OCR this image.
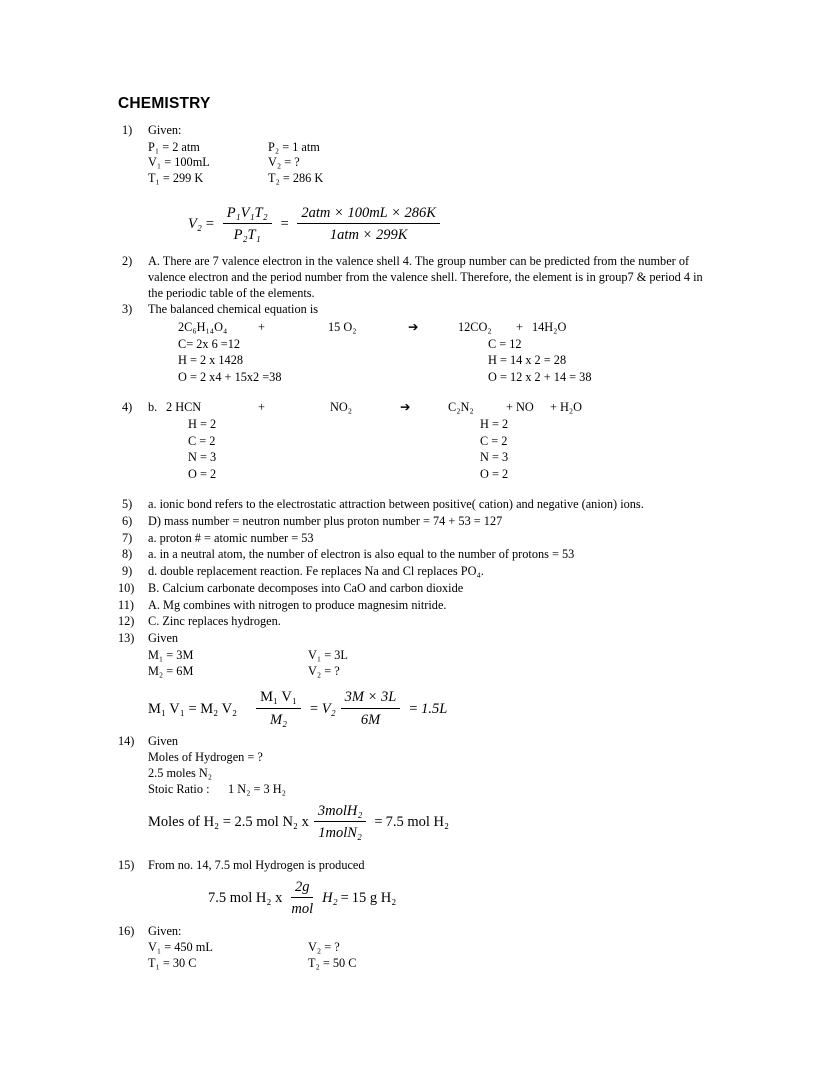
CHEMISTRY
1)	Given:
P₁ = 2 atm	P₂ = 1 atm
V₁ = 100mL	V₂ = ?
T₁ = 299 K	T₂ = 286 K
$V_2 = \frac{\text{P₁V₁T₂}}{\text{P₂T₁}} = \frac{\text{2atm × 100mL × 286K}}{\text{1atm × 299K}}$
2)	A. There are 7 valence electron in the valence shell 4. The group number can be predicted from the number of valence electron and the period number from the valence shell. Therefore, the element is in group7 & period 4 in the periodic table of the elements.
3)	The balanced chemical equation is
2C₆H₁₄O₄	+	15 O₂	➔	12CO₂	+ 14H₂O
C= 2x 6 =12	C = 12
H = 2 x 1428	H = 14 x 2 = 28
O = 2 x4 + 15x2 =38	O = 12 x 2 + 14 = 38
4)	b. 2 HCN	+	NO₂	➔	C₂N₂	+ NO	+ H₂O
H = 2	H = 2
C = 2	C = 2
N = 3	N = 3
O = 2	O = 2
5)	a. ionic bond refers to the electrostatic attraction between positive( cation) and negative (anion) ions.
6)	D) mass number = neutron number plus proton number = 74 + 53 = 127
7)	a. proton # = atomic number = 53
8)	a. in a neutral atom, the number of electron is also equal to the number of protons = 53
9)	d. double replacement reaction. Fe replaces Na and Cl replaces PO₄.
10)	B. Calcium carbonate decomposes into CaO and carbon dioxide
11)	A. Mg combines with nitrogen to produce magnesim nitride.
12)	C. Zinc replaces hydrogen.
13)	Given
M₁ = 3M	V₁ = 3L
M₂ = 6M	V₂ = ?
M₁ V₁ = M₂ $V_2 \frac{\text{M₁ V₁}}{\text{M₂}} = V_2 \frac{3M \times 3L}{6M} = 1.5L$
14)	Given
Moles of Hydrogen = ?
2.5 moles N₂
Stoic Ratio :	1 N₂ = 3 H₂
Moles of H₂ = 2.5 mol N₂ x $\frac{\text{3molH₂}}{\text{1molN₂}} = 7.5$ mol H₂
15)	From no. 14, 7.5 mol Hydrogen is produced
7.5 mol H₂ x $\frac{2g}{\text{mol}} H_2 = 15$ g H₂
16)	Given:
V₁ = 450 mL	V₂ = ?
T₁ = 30 C	T₂ = 50 C
